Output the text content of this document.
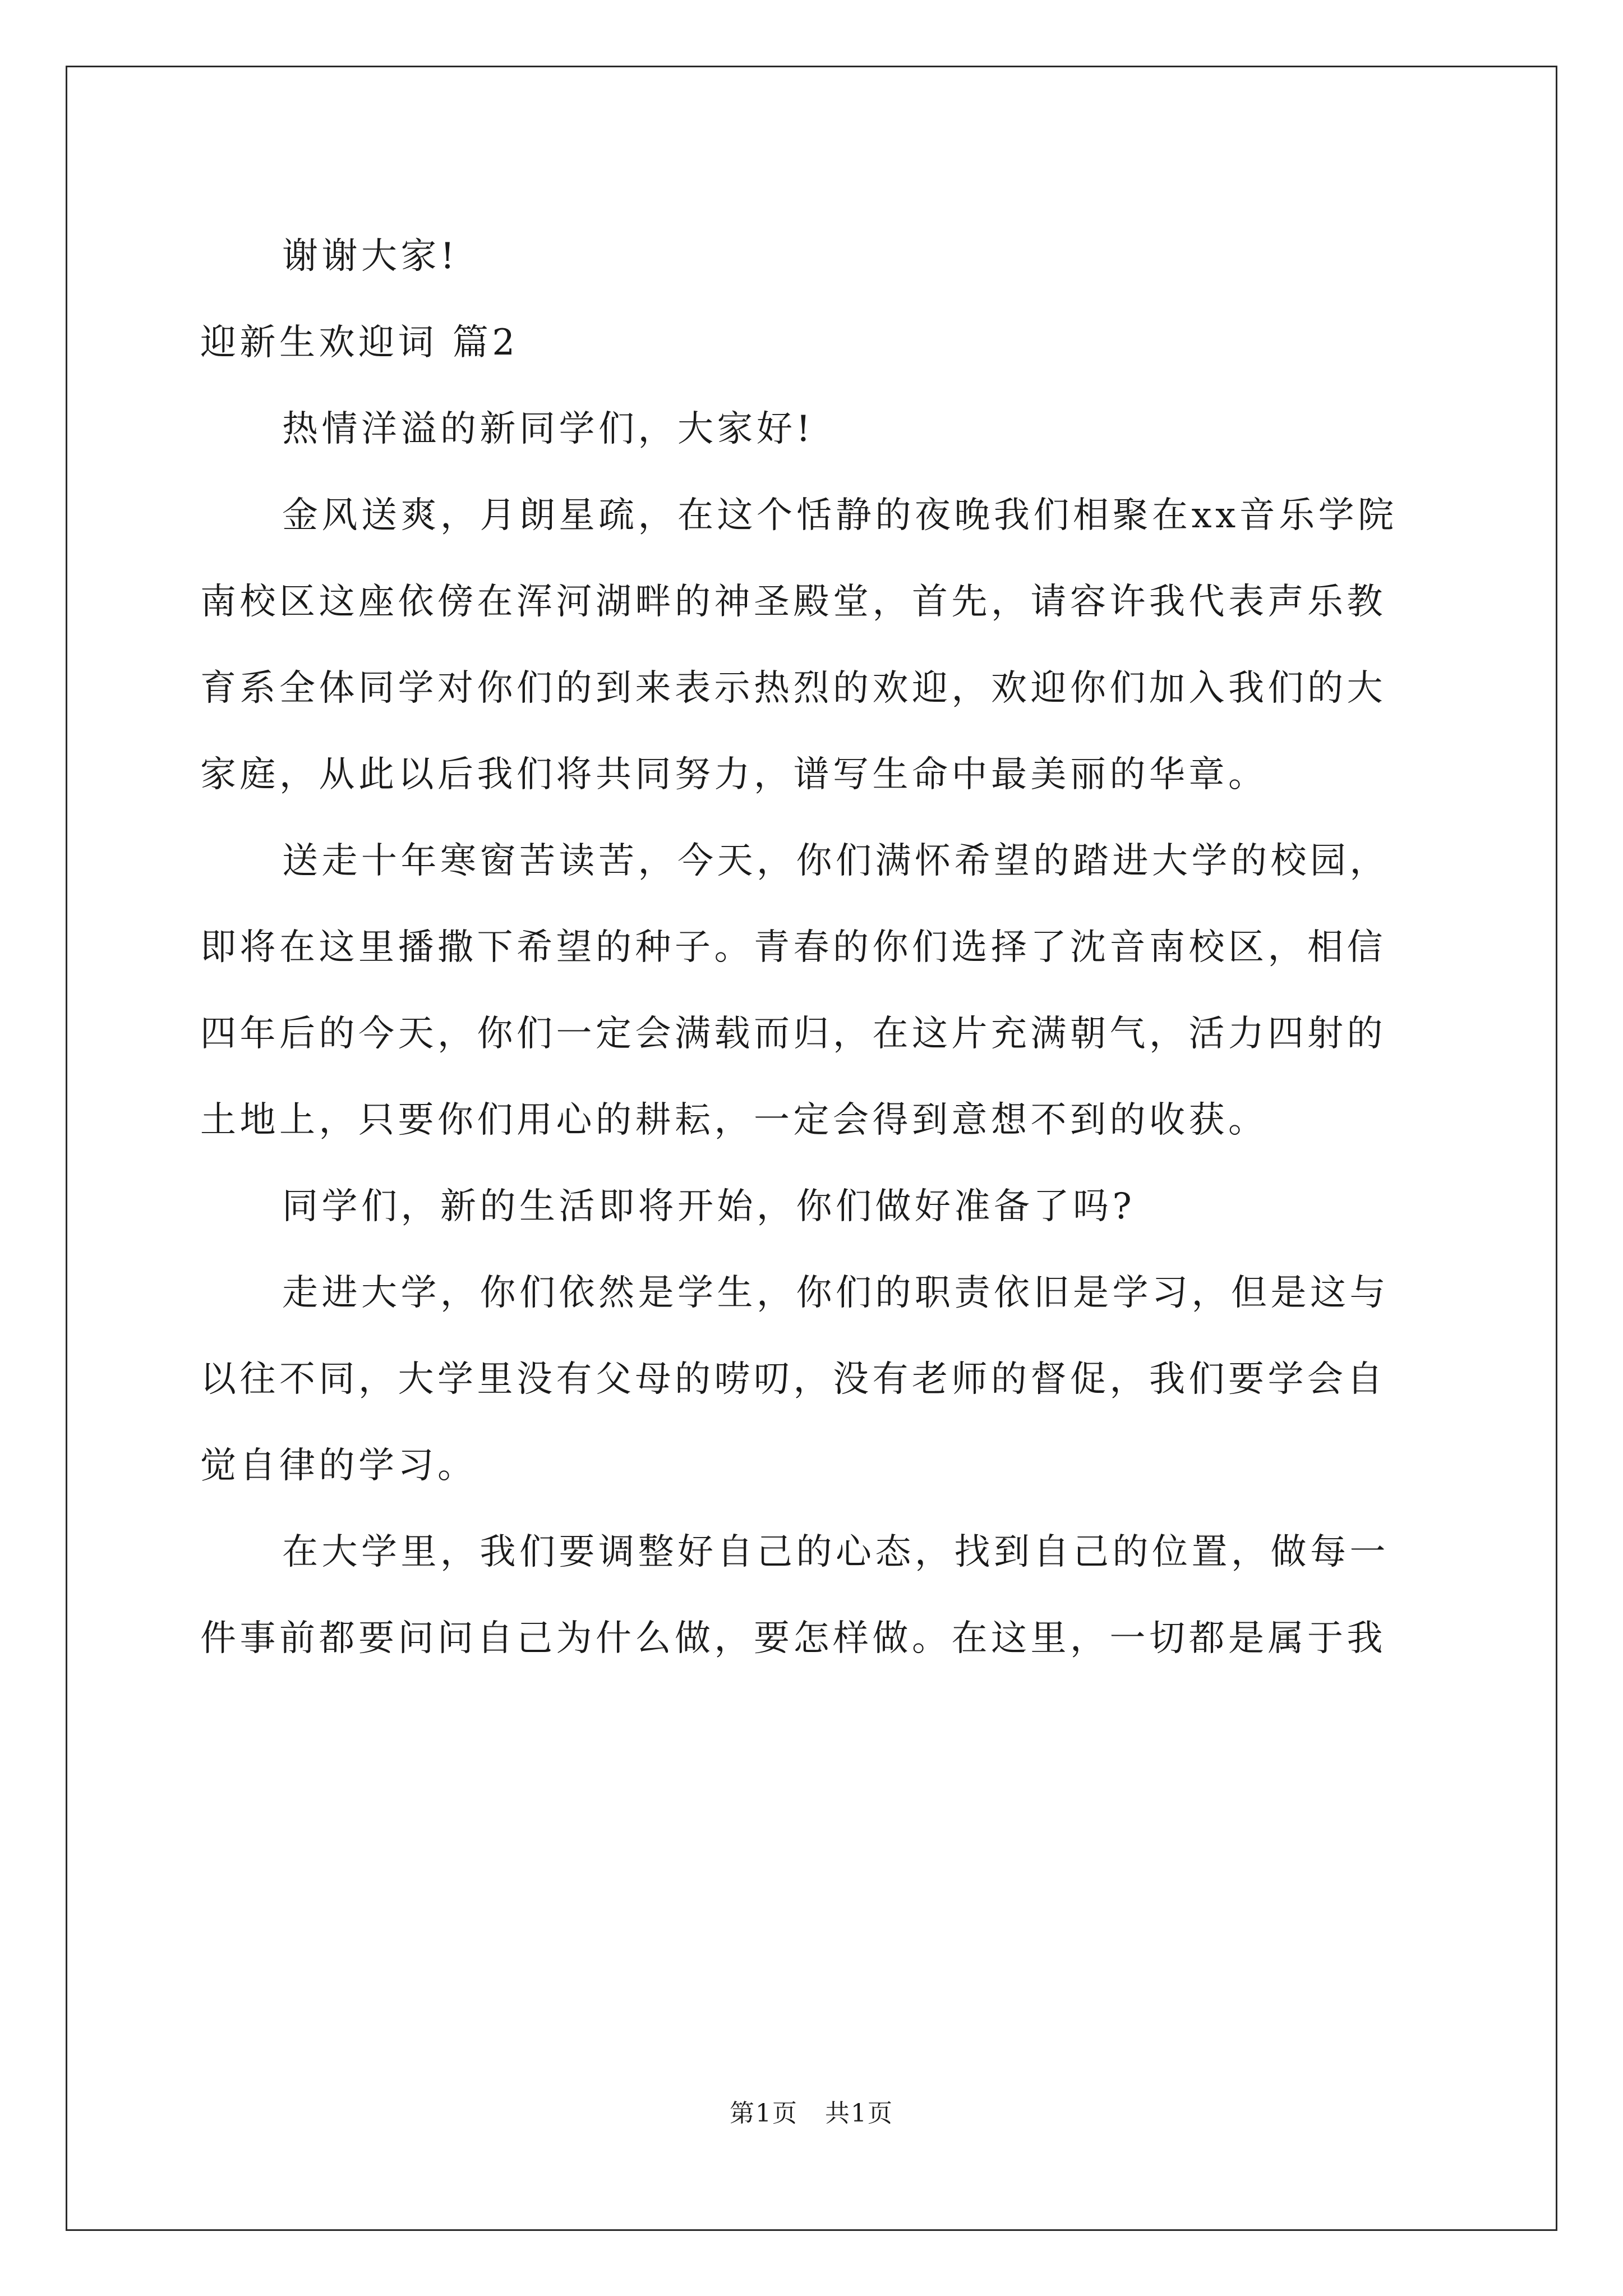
谢谢大家!

迎新生欢迎词 篇2

热情洋溢的新同学们，大家好!

金风送爽，月朗星疏，在这个恬静的夜晚我们相聚在xx音乐学院

南校区这座依傍在浑河湖畔的神圣殿堂，首先，请容许我代表声乐教

育系全体同学对你们的到来表示热烈的欢迎，欢迎你们加入我们的大

家庭，从此以后我们将共同努力，谱写生命中最美丽的华章。

送走十年寒窗苦读苦，今天，你们满怀希望的踏进大学的校园，

即将在这里播撒下希望的种子。青春的你们选择了沈音南校区，相信

四年后的今天，你们一定会满载而归，在这片充满朝气，活力四射的

土地上，只要你们用心的耕耘，一定会得到意想不到的收获。

同学们，新的生活即将开始，你们做好准备了吗?

走进大学，你们依然是学生，你们的职责依旧是学习，但是这与

以往不同，大学里没有父母的唠叨，没有老师的督促，我们要学会自

觉自律的学习。

在大学里，我们要调整好自己的心态，找到自己的位置，做每一

件事前都要问问自己为什么做，要怎样做。在这里，一切都是属于我

第1页   共1页
